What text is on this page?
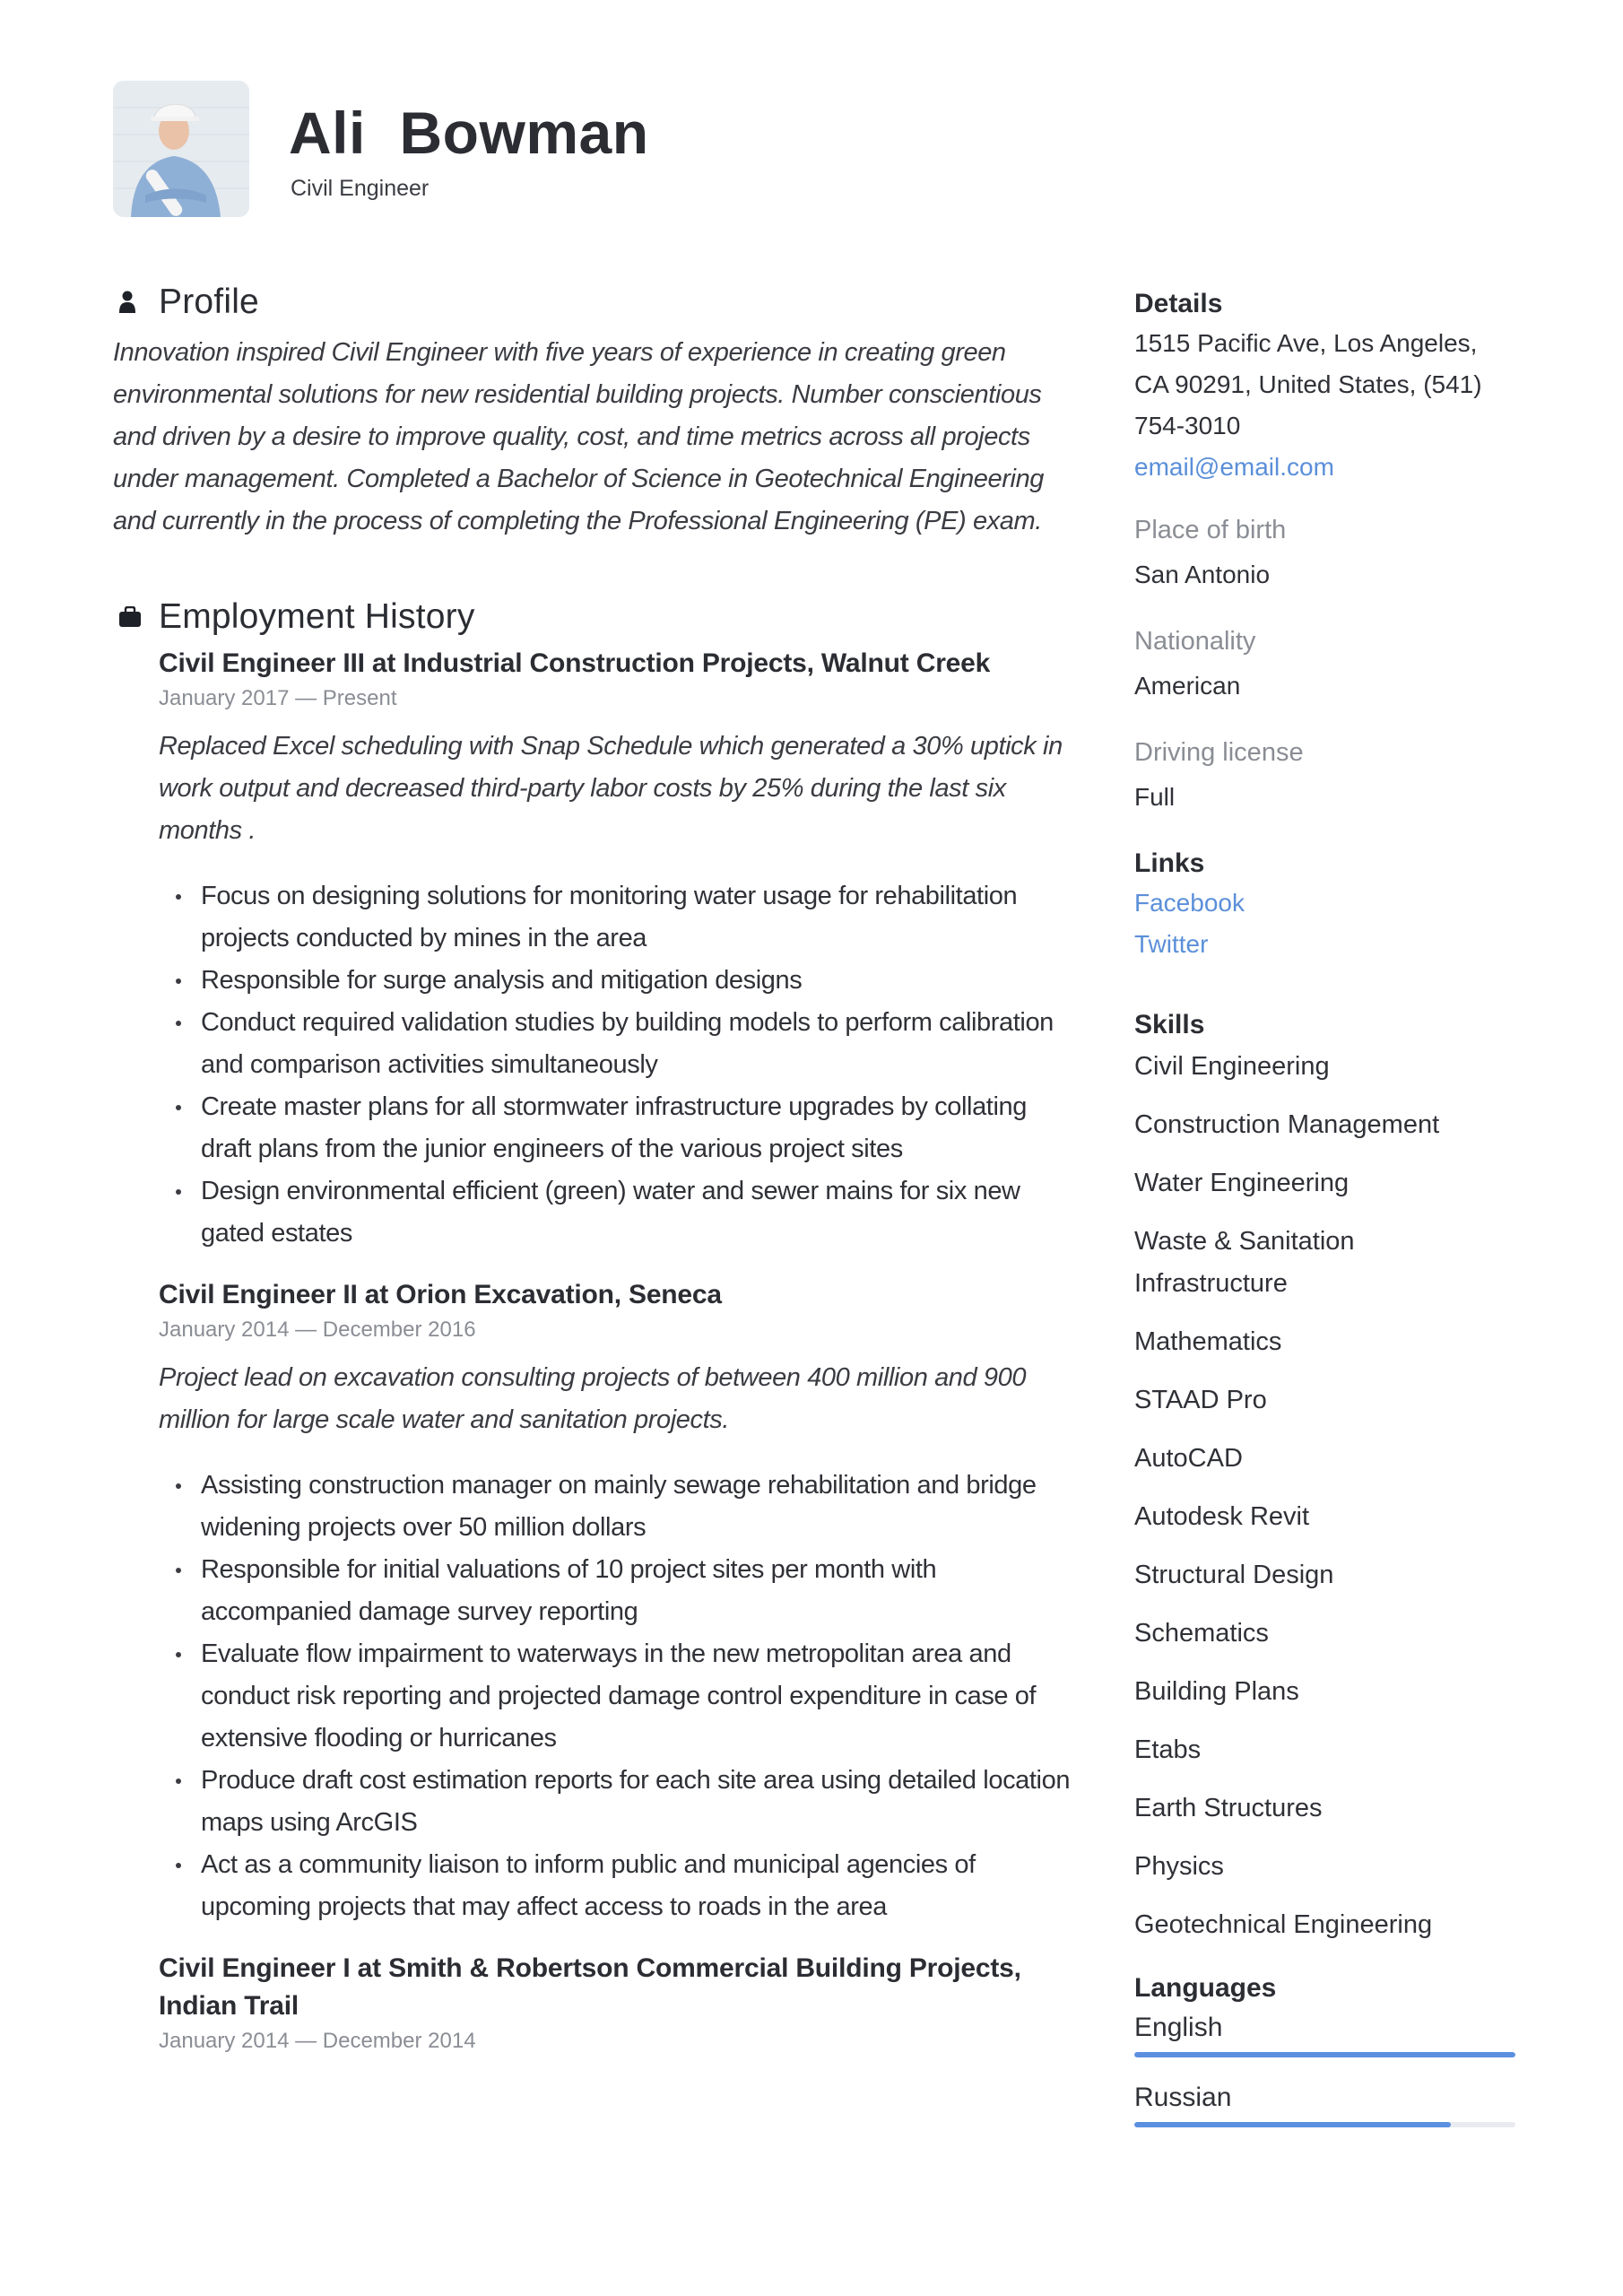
Ali  Bowman
Civil Engineer
Profile

Innovation inspired Civil Engineer with five years of experience in creating green environmental solutions for new residential building projects. Number conscientious and driven by a desire to improve quality, cost, and time metrics across all projects under management. Completed a Bachelor of Science in Geotechnical Engineering and currently in the process of completing the Professional Engineering (PE) exam.

Employment History

Civil Engineer III at Industrial Construction Projects, Walnut Creek

January 2017 — Present

Replaced Excel scheduling with Snap Schedule which generated a 30% uptick in work output and decreased third-party labor costs by 25% during the last six months .

Focus on designing solutions for monitoring water usage for rehabilitation projects conducted by mines in the area
Responsible for surge analysis and mitigation designs
Conduct required validation studies by building models to perform calibration and comparison activities simultaneously
Create master plans for all stormwater infrastructure upgrades by collating draft plans from the junior engineers of the various project sites
Design environmental efficient (green) water and sewer mains for six new gated estates

Civil Engineer II at Orion Excavation, Seneca

January 2014 — December 2016

Project lead on excavation consulting projects of between 400 million and 900 million for large scale water and sanitation projects.

Assisting construction manager on mainly sewage rehabilitation and bridge widening projects over 50 million dollars
Responsible for initial valuations of 10 project sites per month with accompanied damage survey reporting
Evaluate flow impairment to waterways in the new metropolitan area and conduct risk reporting and projected damage control expenditure in case of extensive flooding or hurricanes
Produce draft cost estimation reports for each site area using detailed location maps using ArcGIS
Act as a community liaison to inform public and municipal agencies of upcoming projects that may affect access to roads in the area

Civil Engineer I at Smith & Robertson Commercial Building Projects, Indian Trail

January 2014 — December 2014

Details

1515 Pacific Ave, Los Angeles,

CA 90291, United States, (541)

754-3010

email@email.com

Place of birth

San Antonio

Nationality

American

Driving license

Full

Links

Facebook
Twitter

Skills

Civil Engineering

Construction Management

Water Engineering

Waste & Sanitation Infrastructure

Mathematics

STAAD Pro

AutoCAD

Autodesk Revit

Structural Design

Schematics

Building Plans

Etabs

Earth Structures

Physics

Geotechnical Engineering

Languages

English

Russian
